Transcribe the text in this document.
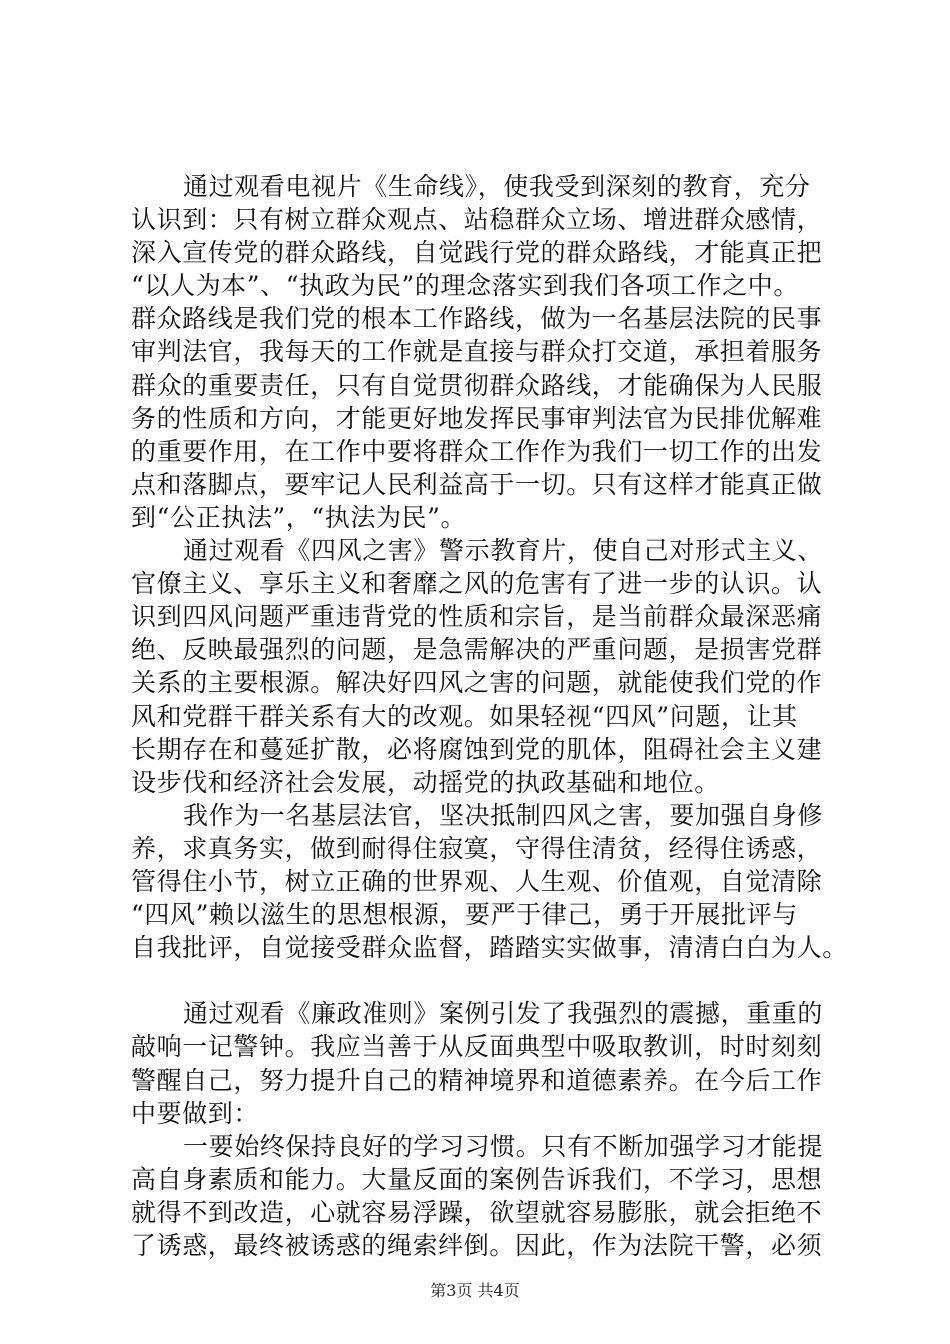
通过观看电视片《生命线》，使我受到深刻的教育，充分
认识到：只有树立群众观点、站稳群众立场、增进群众感情，
深入宣传党的群众路线，自觉践行党的群众路线，才能真正把
“以人为本”、“执政为民”的理念落实到我们各项工作之中。
群众路线是我们党的根本工作路线，做为一名基层法院的民事
审判法官，我每天的工作就是直接与群众打交道，承担着服务
群众的重要责任，只有自觉贯彻群众路线，才能确保为人民服
务的性质和方向，才能更好地发挥民事审判法官为民排优解难
的重要作用，在工作中要将群众工作作为我们一切工作的出发
点和落脚点，要牢记人民利益高于一切。只有这样才能真正做
到“公正执法”，“执法为民”。
通过观看《四风之害》警示教育片，使自己对形式主义、
官僚主义、享乐主义和奢靡之风的危害有了进一步的认识。认
识到四风问题严重违背党的性质和宗旨，是当前群众最深恶痛
绝、反映最强烈的问题，是急需解决的严重问题，是损害党群
关系的主要根源。解决好四风之害的问题，就能使我们党的作
风和党群干群关系有大的改观。如果轻视“四风”问题，让其
长期存在和蔓延扩散，必将腐蚀到党的肌体，阻碍社会主义建
设步伐和经济社会发展，动摇党的执政基础和地位。
我作为一名基层法官，坚决抵制四风之害，要加强自身修
养，求真务实，做到耐得住寂寞，守得住清贫，经得住诱惑，
管得住小节，树立正确的世界观、人生观、价值观，自觉清除
“四风”赖以滋生的思想根源，要严于律己，勇于开展批评与
自我批评，自觉接受群众监督，踏踏实实做事，清清白白为人。
通过观看《廉政准则》案例引发了我强烈的震撼，重重的
敲响一记警钟。我应当善于从反面典型中吸取教训，时时刻刻
警醒自己，努力提升自己的精神境界和道德素养。在今后工作
中要做到：
一要始终保持良好的学习习惯。只有不断加强学习才能提
高自身素质和能力。大量反面的案例告诉我们，不学习，思想
就得不到改造，心就容易浮躁，欲望就容易膨胀，就会拒绝不
了诱惑，最终被诱惑的绳索绊倒。因此，作为法院干警，必须
第3页 共4页
